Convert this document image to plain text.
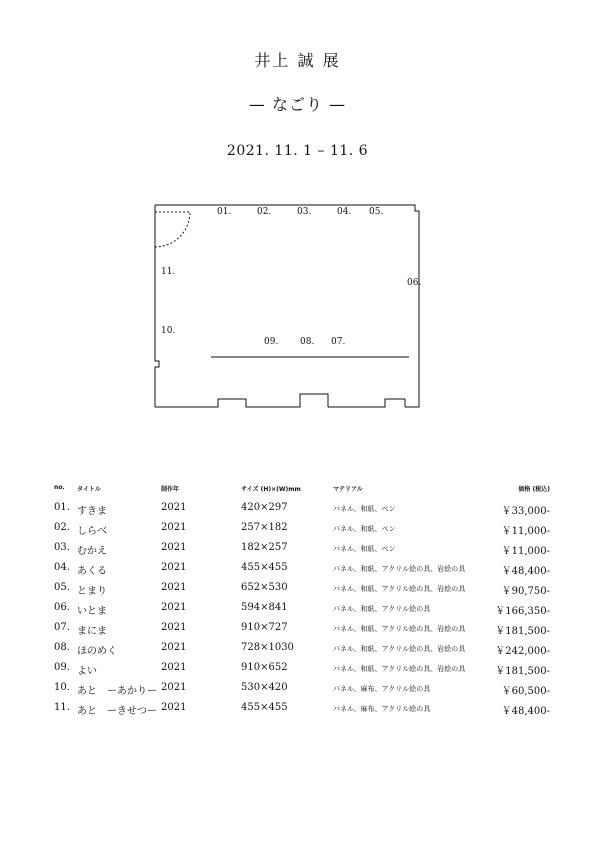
井上 誠 展
— なごり —
2021. 11. 1 – 11. 6
01.	02.	03.	04. 05.
06.
07.
08.
09.
10.
11.
no. タイトル	制作年	サイズ (H)×(W)mm	マテリアル	価格 (税込)
01. すきま	2021	420×297	パネル、和紙、ペン	￥33,000-
02. しらべ	2021	257×182	パネル、和紙、ペン	￥11,000-
03. むかえ	2021	182×257	パネル、和紙、ペン	￥11,000-
04. あくる	2021	455×455	パネル、和紙、アクリル絵の具、岩絵の具	￥48,400-
05. とまり	2021	652×530	パネル、和紙、アクリル絵の具、岩絵の具	￥90,750-
06. いとま	2021	594×841	パネル、和紙、アクリル絵の具	￥166,350-
07. まにま	2021	910×727	パネル、和紙、アクリル絵の具、岩絵の具	￥181,500-
08. ほのめく	2021	728×1030	パネル、和紙、アクリル絵の具、岩絵の具	￥242,000-
09. よい	2021	910×652	パネル、和紙、アクリル絵の具、岩絵の具	￥181,500-
10. あと　ーあかりー 2021	530×420	パネル、麻布、アクリル絵の具	￥60,500-
11. あと　ーきせつー 2021	455×455	パネル、麻布、アクリル絵の具	￥48,400-
